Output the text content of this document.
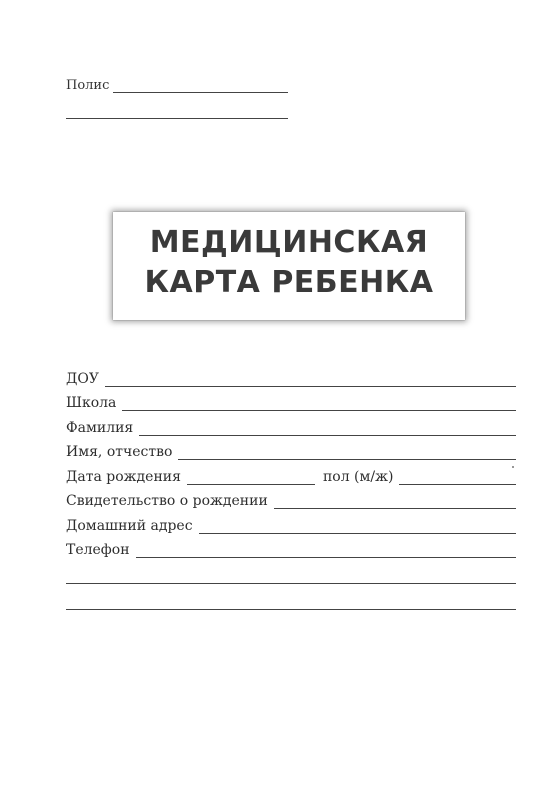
Полис
МЕДИЦИНСКАЯ
КАРТА РЕБЕНКА
ДОУ
Школа
Фамилия
Имя, отчество
Дата рождения	пол (м/ж)
Свидетельство о рождении
Домашний адрес
Телефон
